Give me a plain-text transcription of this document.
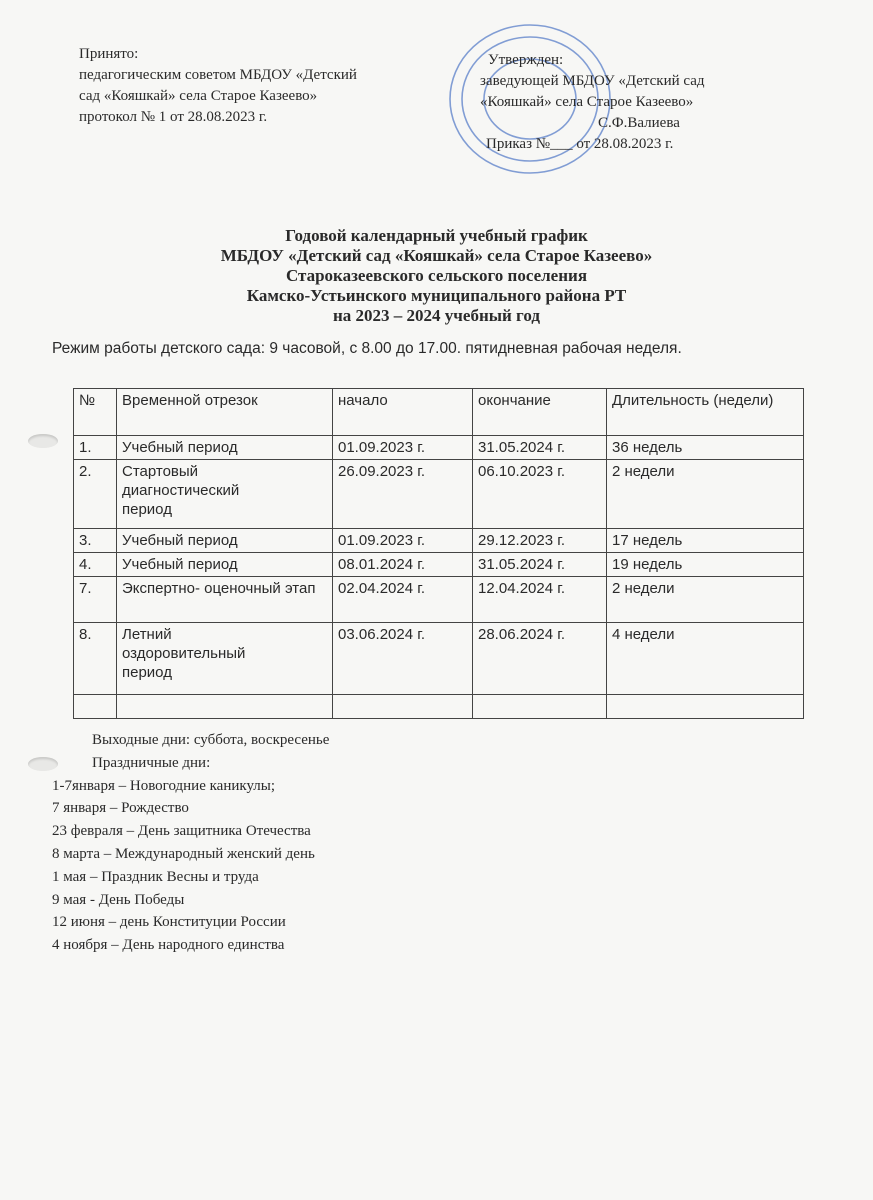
Принято:
педагогическим советом МБДОУ «Детский
сад «Кояшкай» села Старое Казеево»
протокол № 1 от 28.08.2023 г.
Утвержден:
заведующей МБДОУ «Детский сад
«Кояшкай» села Старое Казеево»
С.Ф.Валиева
Приказ №___ от 28.08.2023 г.
Годовой календарный учебный график
МБДОУ «Детский сад «Кояшкай» села Старое Казеево»
Старoказеевского сельского поселения
Камско-Устьинского муниципального района РТ
на 2023 – 2024 учебный год
Режим работы детского сада: 9 часовой, с 8.00 до 17.00. пятидневная рабочая неделя.
№	Временной отрезок	начало	окончание	Длительность (недели)
1.	Учебный период	01.09.2023 г.	31.05.2024 г.	36 недель
2.	Стартовый диагностический период	26.09.2023 г.	06.10.2023 г.	2 недели
3.	Учебный период	01.09.2023 г.	29.12.2023 г.	17 недель
4.	Учебный период	08.01.2024 г.	31.05.2024 г.	19 недель
7.	Экспертно- оценочный этап	02.04.2024 г.	12.04.2024 г.	2 недели
8.	Летний оздоровительный период	03.06.2024 г.	28.06.2024 г.	4 недели

Выходные дни: суббота, воскресенье
Праздничные дни:
1-7января – Новогодние каникулы;
7 января – Рождество
23 февраля – День защитника Отечества
8 марта – Международный женский день
1 мая – Праздник Весны и труда
9 мая - День Победы
12 июня – день Конституции России
4 ноября – День народного единства
